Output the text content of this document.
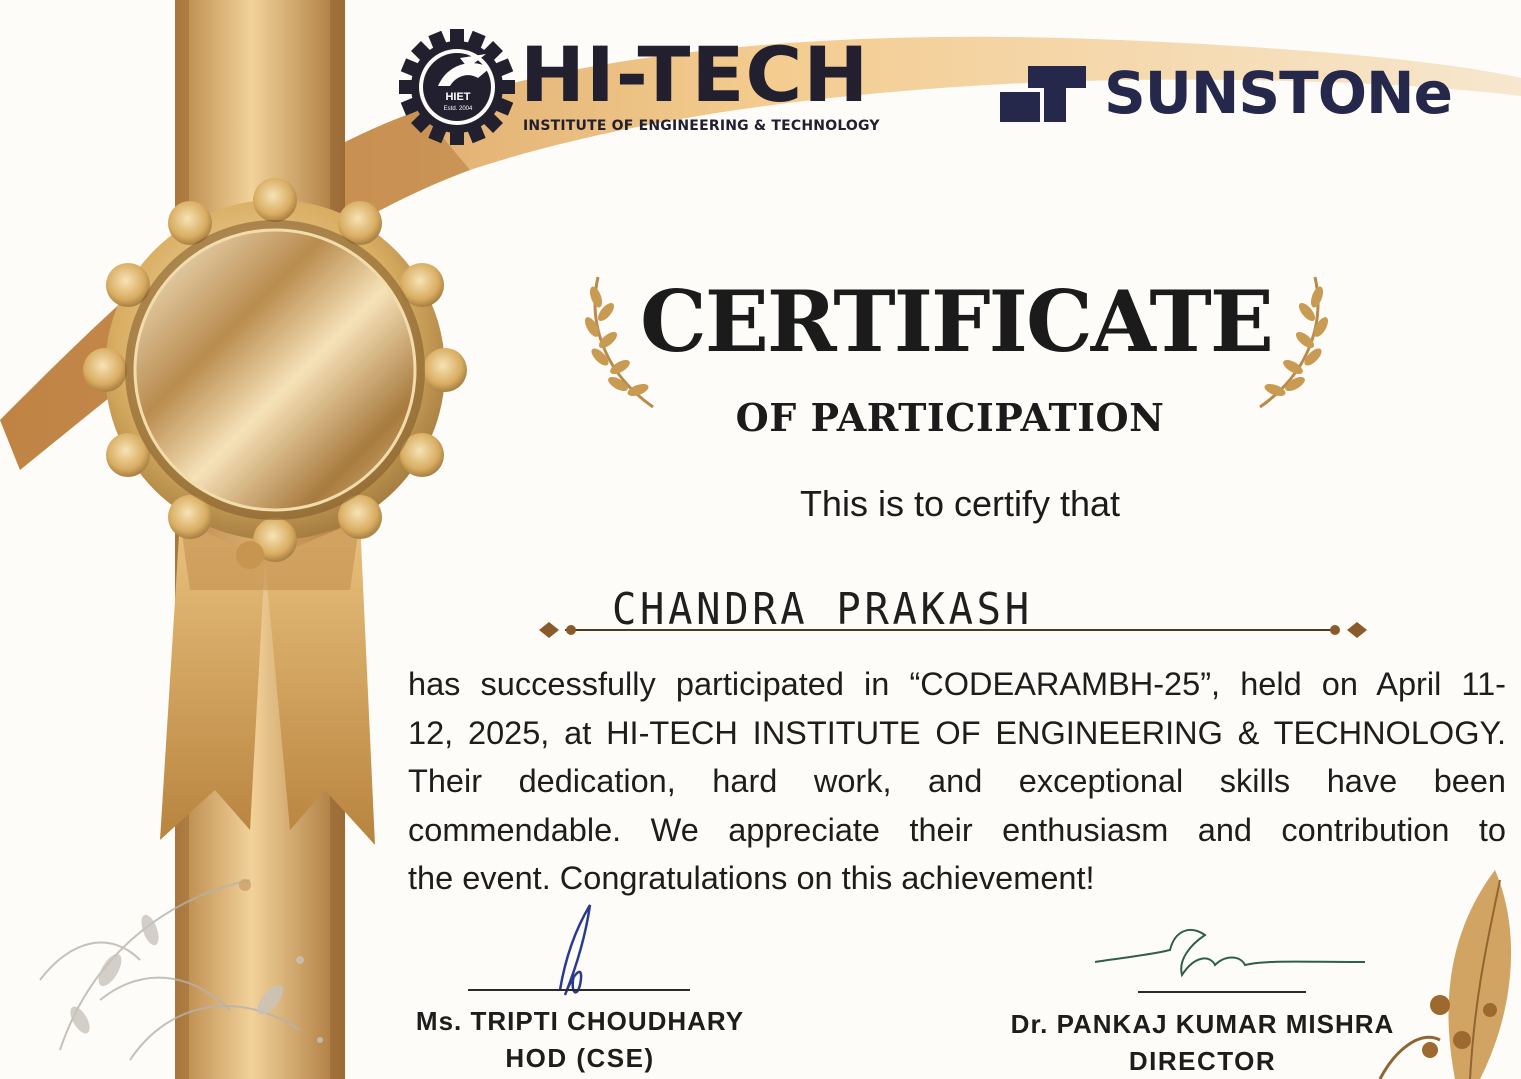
HIET
Estd. 2004 HI-TECH
INSTITUTE OF ENGINEERING & TECHNOLOGY	SUNSTONe
CERTIFICATE
OF PARTICIPATION
This is to certify that
CHANDRA PRAKASH
has successfully participated in “CODEARAMBH-25”, held on April 11-
12, 2025, at HI-TECH INSTITUTE OF ENGINEERING & TECHNOLOGY.
Their dedication, hard work, and exceptional skills have been
commendable. We appreciate their enthusiasm and contribution to
the event. Congratulations on this achievement!
Ms. TRIPTI CHOUDHARY
HOD (CSE)
Dr. PANKAJ KUMAR MISHRA
DIRECTOR
